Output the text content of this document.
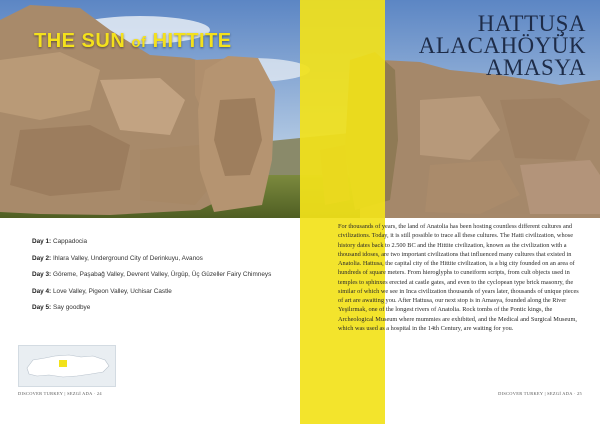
THE SUN of HITTITE
HATTUŞA
ALACAHÖYÜK
AMASYA
Day 1: Cappadocia
Day 2: Ihlara Valley, Underground City of Derinkuyu, Avanos
Day 3: Göreme, Paşabağ Valley, Devrent Valley, Ürgüp, Üç Güzeller Fairy Chimneys
Day 4: Love Valley, Pigeon Valley, Uchisar Castle
Day 5: Say goodbye
DISCOVER TURKEY | SEZGİ ADA · 24
For thousands of years, the land of Anatolia has been hosting countless different cultures and civilizations. Today, it is still possible to trace all these cultures. The Hatti civilization, whose history dates back to 2.500 BC and the Hittite civilization, known as the civilization with a thousand idoses, are two important civilizations that influenced many cultures that existed in Anatolia. Hattusa, the capital city of the Hittite civilization, is a big city founded on an area of hundreds of square meters. From hieroglyphs to cuneiform scripts, from cult objects used in temples to sphinxes erected at castle gates, and even to the cyclopean type brick masonry, the similar of which we see in Inca civilization thousands of years later, thousands of unique pieces of art are awaiting you. After Hattusa, our next stop is in Amasya, founded along the River Yeşilırmak, one of the longest rivers of Anatolia. Rock tombs of the Pontic kings, the Archeological Museum where mummies are exhibited, and the Medical and Surgical Museum, which was used as a hospital in the 14th Century, are waiting for you.
DISCOVER TURKEY | SEZGİ ADA · 25
